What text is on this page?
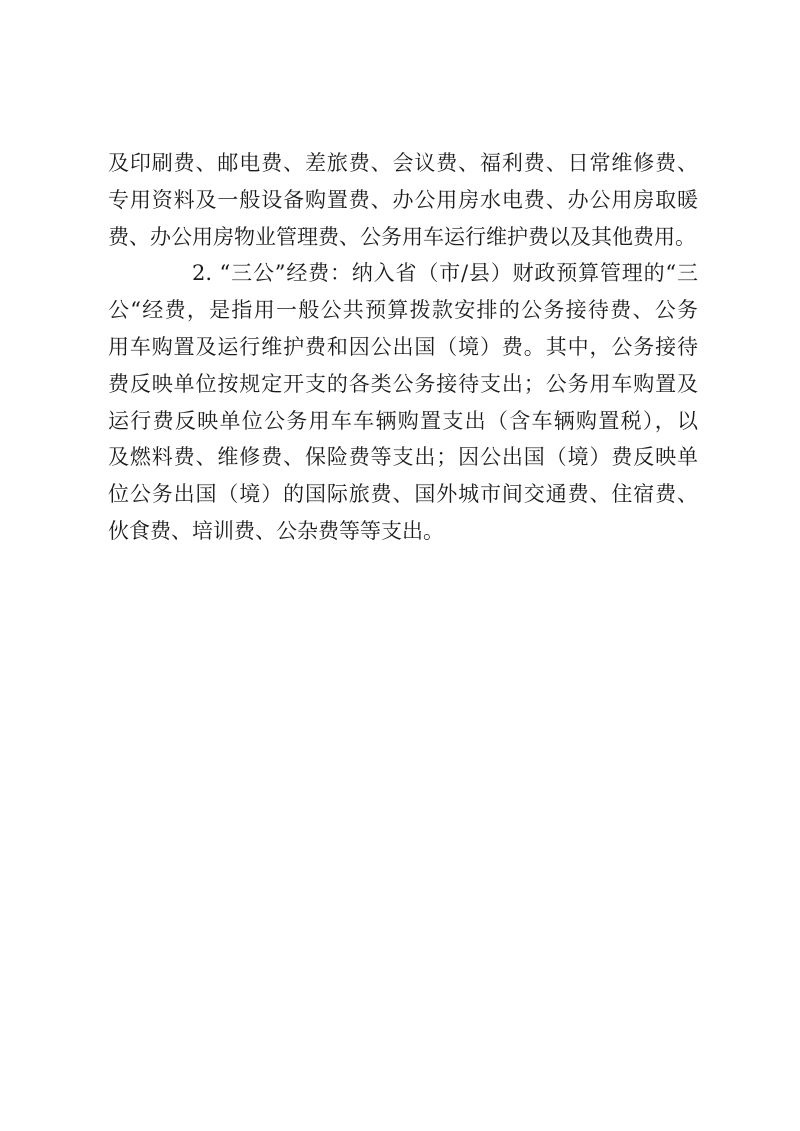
及印刷费、邮电费、差旅费、会议费、福利费、日常维修费、
专用资料及一般设备购置费、办公用房水电费、办公用房取暖
费、办公用房物业管理费、公务用车运行维护费以及其他费用。
2. “三公”经费：纳入省（市/县）财政预算管理的“三
公“经费，是指用一般公共预算拨款安排的公务接待费、公务
用车购置及运行维护费和因公出国（境）费。其中，公务接待
费反映单位按规定开支的各类公务接待支出；公务用车购置及
运行费反映单位公务用车车辆购置支出（含车辆购置税），以
及燃料费、维修费、保险费等支出；因公出国（境）费反映单
位公务出国（境）的国际旅费、国外城市间交通费、住宿费、
伙食费、培训费、公杂费等等支出。
